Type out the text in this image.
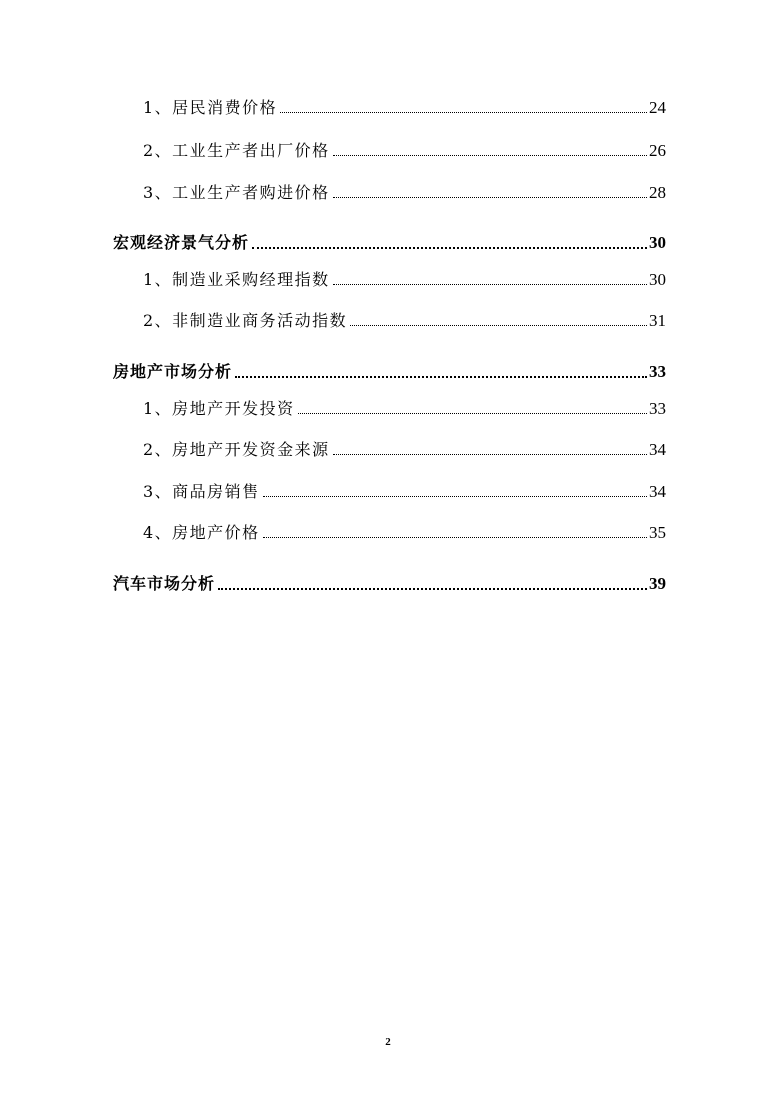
1、居民消费价格	24
2、工业生产者出厂价格	26
3、工业生产者购进价格	28
宏观经济景气分析	30
1、制造业采购经理指数	30
2、非制造业商务活动指数	31
房地产市场分析	33
1、房地产开发投资	33
2、房地产开发资金来源	34
3、商品房销售	34
4、房地产价格	35
汽车市场分析	39
2
